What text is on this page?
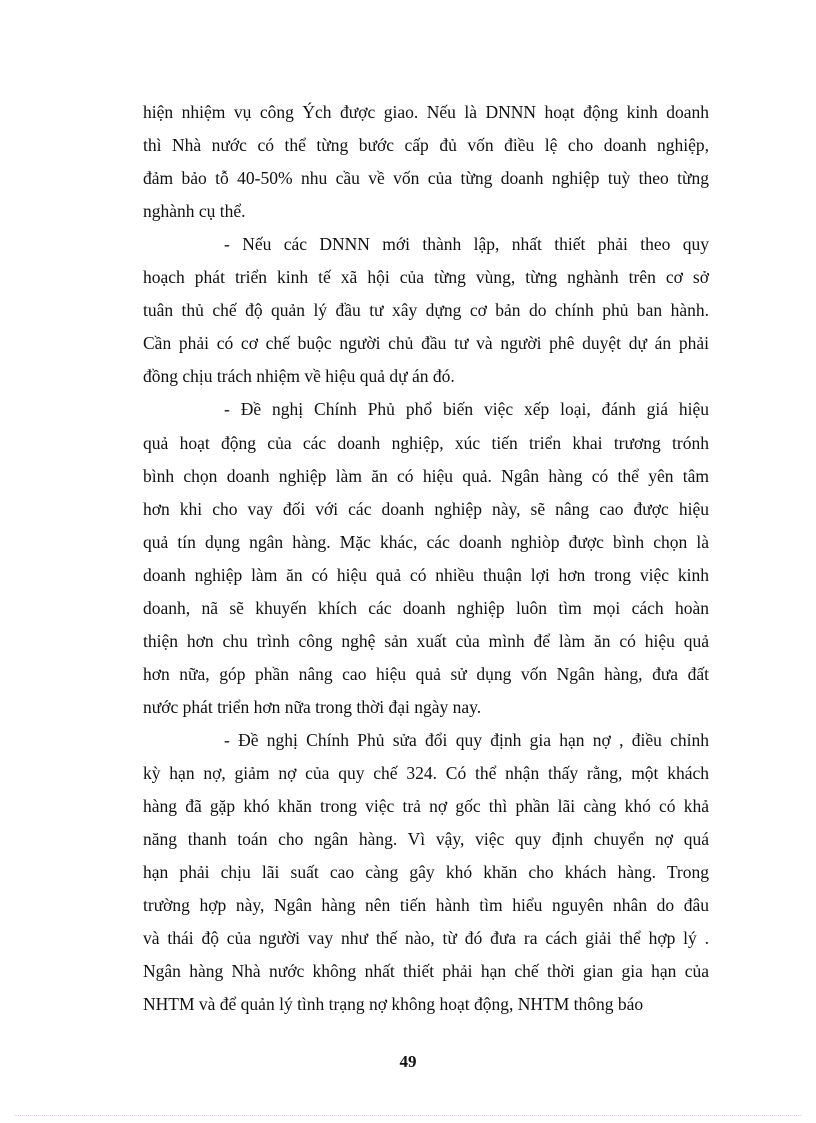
hiện nhiệm vụ công Ých được giao. Nếu là DNNN hoạt động kinh doanh
thì Nhà nước có thể từng bước cấp đủ vốn điều lệ cho doanh nghiệp,
đảm bảo tỗ 40-50% nhu cầu về vốn của từng doanh nghiệp tuỳ theo từng
nghành cụ thể.
- Nếu các DNNN mới thành lập, nhất thiết phải theo quy
hoạch phát triển kinh tế xã hội của từng vùng, từng nghành trên cơ sở
tuân thủ chế độ quản lý đầu tư xây dựng cơ bản do chính phủ ban hành.
Cần phải có cơ chế buộc người chủ đầu tư và người phê duyệt dự án phải
đồng chịu trách nhiệm về hiệu quả dự án đó.
- Đề nghị Chính Phủ phổ biến việc xếp loại, đánh giá hiệu
quả hoạt động của các doanh nghiệp, xúc tiến triển khai trương trónh
bình chọn doanh nghiệp làm ăn có hiệu quả. Ngân hàng có thể yên tâm
hơn khi cho vay đối với các doanh nghiệp này, sẽ nâng cao được hiệu
quả tín dụng ngân hàng. Mặc khác, các doanh nghiòp được bình chọn là
doanh nghiệp làm ăn có hiệu quả có nhiều thuận lợi hơn trong việc kinh
doanh, nã sẽ khuyến khích các doanh nghiệp luôn tìm mọi cách hoàn
thiện hơn chu trình công nghệ sản xuất của mình để làm ăn có hiệu quả
hơn nữa, góp phần nâng cao hiệu quả sử dụng vốn Ngân hàng, đưa đất
nước phát triển hơn nữa trong thời đại ngày nay.
- Đề nghị Chính Phủ sửa đổi quy định gia hạn nợ , điều chỉnh
kỳ hạn nợ, giảm nợ của quy chế 324. Có thể nhận thấy rằng, một khách
hàng đã gặp khó khăn trong việc trả nợ gốc thì phần lãi càng khó có khả
năng thanh toán cho ngân hàng. Vì vậy, việc quy định chuyển nợ quá
hạn phải chịu lãi suất cao càng gây khó khăn cho khách hàng. Trong
trường hợp này, Ngân hàng nên tiến hành tìm hiểu nguyên nhân do đâu
và thái độ của người vay như thế nào, từ đó đưa ra cách giải thể hợp lý .
Ngân hàng Nhà nước không nhất thiết phải hạn chế thời gian gia hạn của
NHTM và để quản lý tình trạng nợ không hoạt động, NHTM thông báo
49
